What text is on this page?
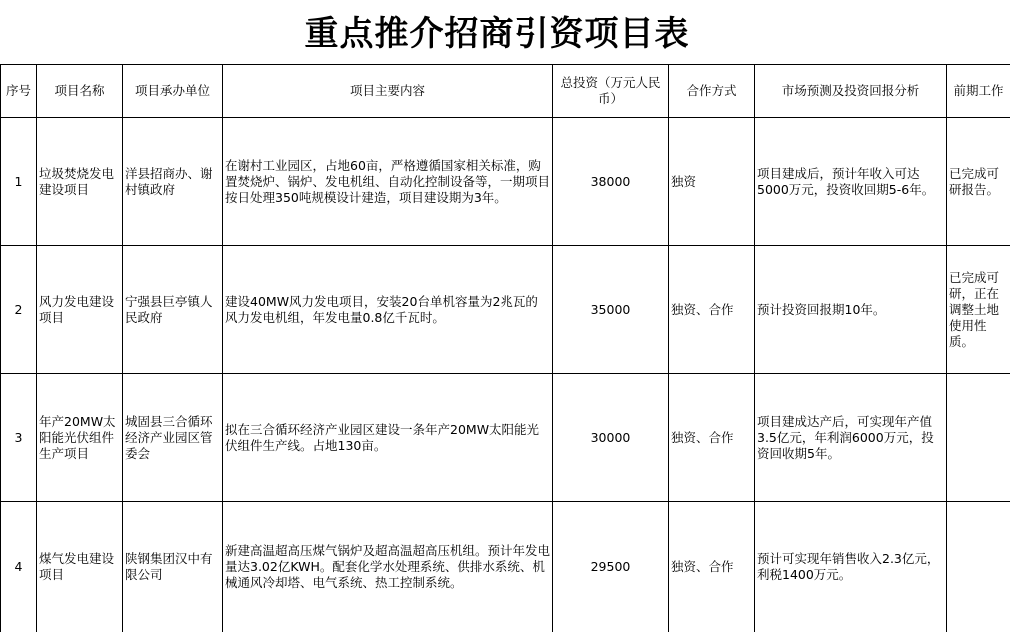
重点推介招商引资项目表
序号	项目名称	项目承办单位	项目主要内容	总投资（万元人民币）	合作方式	市场预测及投资回报分析	前期工作
1	垃圾焚烧发电建设项目	洋县招商办、谢村镇政府	在谢村工业园区，占地60亩，严格遵循国家相关标准，购置焚烧炉、锅炉、发电机组、自动化控制设备等，一期项目按日处理350吨规模设计建造，项目建设期为3年。	38000	独资	项目建成后，预计年收入可达5000万元，投资收回期5-6年。	已完成可研报告。
2	风力发电建设项目	宁强县巨亭镇人民政府	建设40MW风力发电项目，安装20台单机容量为2兆瓦的风力发电机组，年发电量0.8亿千瓦时。	35000	独资、合作	预计投资回报期10年。	已完成可研，正在调整土地使用性质。
3	年产20MW太阳能光伏组件生产项目	城固县三合循环经济产业园区管委会	拟在三合循环经济产业园区建设一条年产20MW太阳能光伏组件生产线。占地130亩。	30000	独资、合作	项目建成达产后，可实现年产值3.5亿元，年利润6000万元，投资回收期5年。	
4	煤气发电建设项目	陕钢集团汉中有限公司	新建高温超高压煤气锅炉及超高温超高压机组。预计年发电量达3.02亿KWH。配套化学水处理系统、供排水系统、机械通风冷却塔、电气系统、热工控制系统。	29500	独资、合作	预计可实现年销售收入2.3亿元，利税1400万元。	
